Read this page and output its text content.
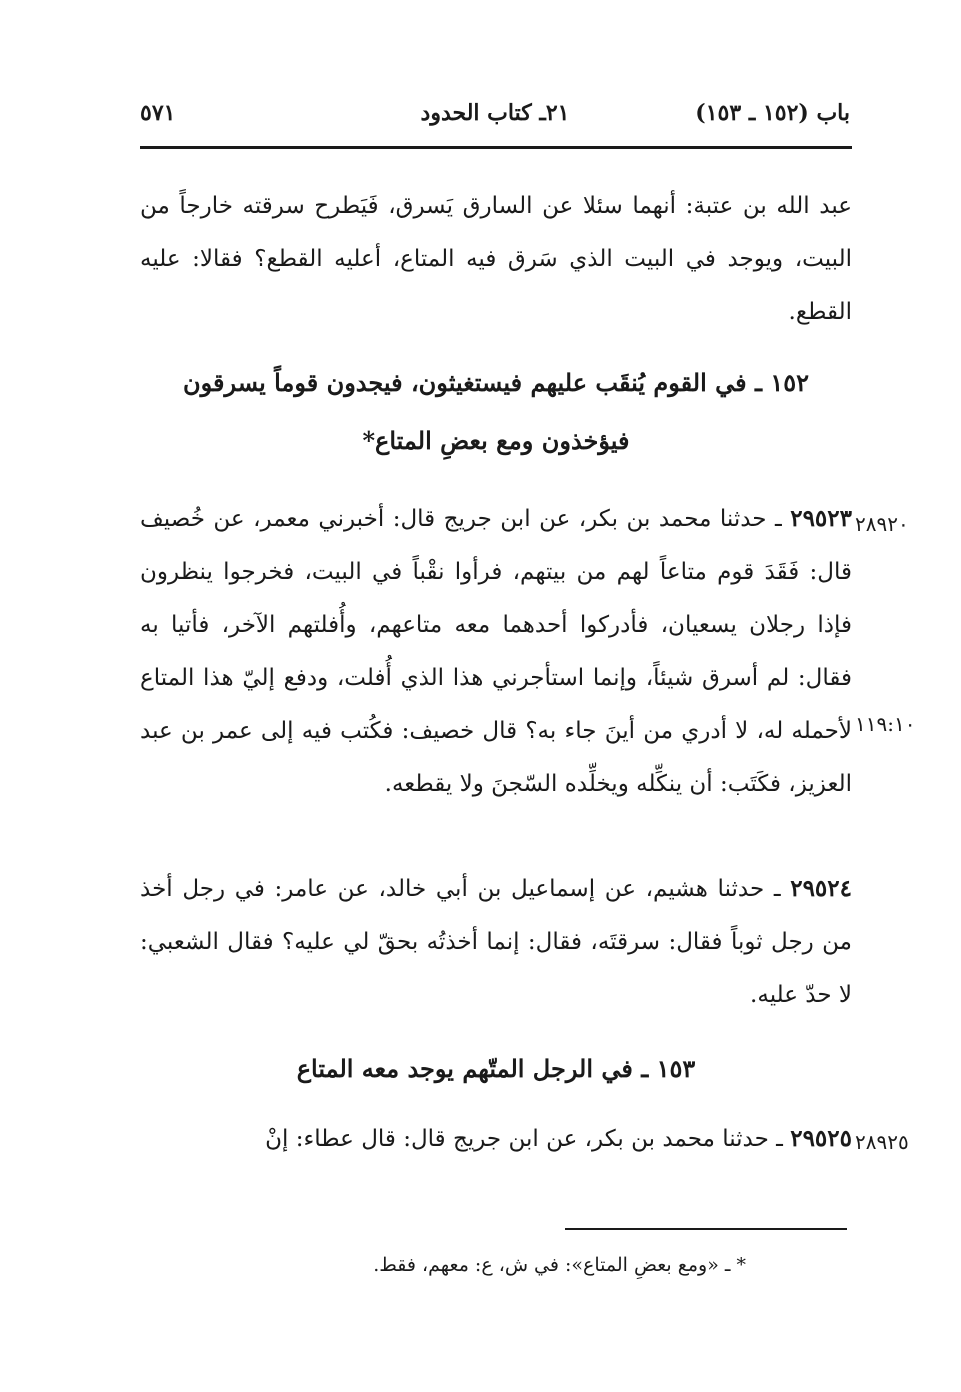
باب (١٥٢ ـ ١٥٣)
٢١ـ كتاب الحدود
٥٧١
عبد الله بن عتبة: أنهما سئلا عن السارق يَسرق، فَيَطرح سرقته خارجاً من البيت، ويوجد في البيت الذي سَرق فيه المتاع، أعليه القطع؟ فقالا: عليه القطع.
١٥٢ ـ في القوم يُنقَب عليهم فيستغيثون، فيجدون قوماً يسرقون
فيؤخذون ومع بعضِ المتاع*
٢٨٩٢٠
١١٩:١٠
٢٩٥٢٣ ـ حدثنا محمد بن بكر، عن ابن جريج قال: أخبرني معمر، عن خُصيف قال: فَقَدَ قوم متاعاً لهم من بيتهم، فرأوا نقْباً في البيت، فخرجوا ينظرون فإذا رجلان يسعيان، فأدركوا أحدهما معه متاعهم، وأُفلتهم الآخر، فأتيا به فقال: لم أسرق شيئاً، وإنما استأجرني هذا الذي أُفلت، ودفع إليّ هذا المتاع لأحمله له، لا أدري من أينَ جاء به؟ قال خصيف: فكُتب فيه إلى عمر بن عبد العزيز، فكَتَب: أن ينكِّله ويخلِّده السّجنَ ولا يقطعه.
٢٩٥٢٤ ـ حدثنا هشيم، عن إسماعيل بن أبي خالد، عن عامر: في رجل أخذ من رجل ثوباً فقال: سرقتَه، فقال: إنما أخذتُه بحقّ لي عليه؟ فقال الشعبي: لا حدّ عليه.
١٥٣ ـ في الرجل المتّهم يوجد معه المتاع
٢٨٩٢٥
٢٩٥٢٥ ـ حدثنا محمد بن بكر، عن ابن جريج قال: قال عطاء: إنْ
* ـ «ومع بعضِ المتاع»: في ش، ع: معهم، فقط.
